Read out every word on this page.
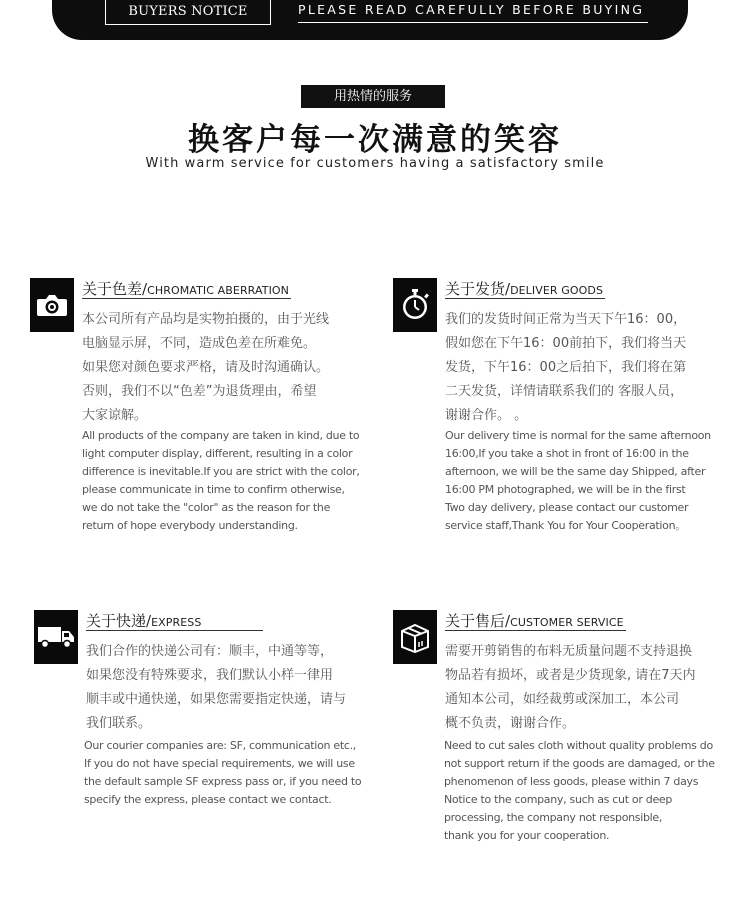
BUYERS NOTICE	PLEASE READ CAREFULLY BEFORE BUYING
用热情的服务
换客户每一次满意的笑容
With warm service for customers having a satisfactory smile
关于色差/CHROMATIC ABERRATION
本公司所有产品均是实物拍摄的，由于光线
电脑显示屏，不同，造成色差在所难免。
如果您对颜色要求严格，请及时沟通确认。
否则，我们不以“色差”为退货理由，希望
大家谅解。
All products of the company are taken in kind, due to
light computer display, different, resulting in a color
difference is inevitable.If you are strict with the color,
please communicate in time to confirm otherwise,
we do not take the "color" as the reason for the
return of hope everybody understanding.
关于发货/DELIVER GOODS
我们的发货时间正常为当天下午16：00，
假如您在下午16：00前拍下，我们将当天
发货，下午16：00之后拍下，我们将在第
二天发货，详情请联系我们的 客服人员，
谢谢合作。 。
Our delivery time is normal for the same afternoon
16:00,If you take a shot in front of 16:00 in the
afternoon, we will be the same day Shipped, after
16:00 PM photographed, we will be in the first
Two day delivery, please contact our customer
service staff,Thank You for Your Cooperation。
关于快递/EXPRESS
我们合作的快递公司有：顺丰，中通等等，
如果您没有特殊要求，我们默认小样一律用
顺丰或中通快递，如果您需要指定快递，请与
我们联系。
Our courier companies are: SF, communication etc.,
If you do not have special requirements, we will use
the default sample SF express pass or, if you need to
specify the express, please contact we contact.
关于售后/CUSTOMER SERVICE
需要开剪销售的布料无质量问题不支持退换
物品若有损坏，或者是少货现象, 请在7天内
通知本公司，如经裁剪或深加工，本公司
概不负责，谢谢合作。
Need to cut sales cloth without quality problems do
not support return if the goods are damaged, or the
phenomenon of less goods, please within 7 days
Notice to the company, such as cut or deep
processing, the company not responsible,
thank you for your cooperation.
